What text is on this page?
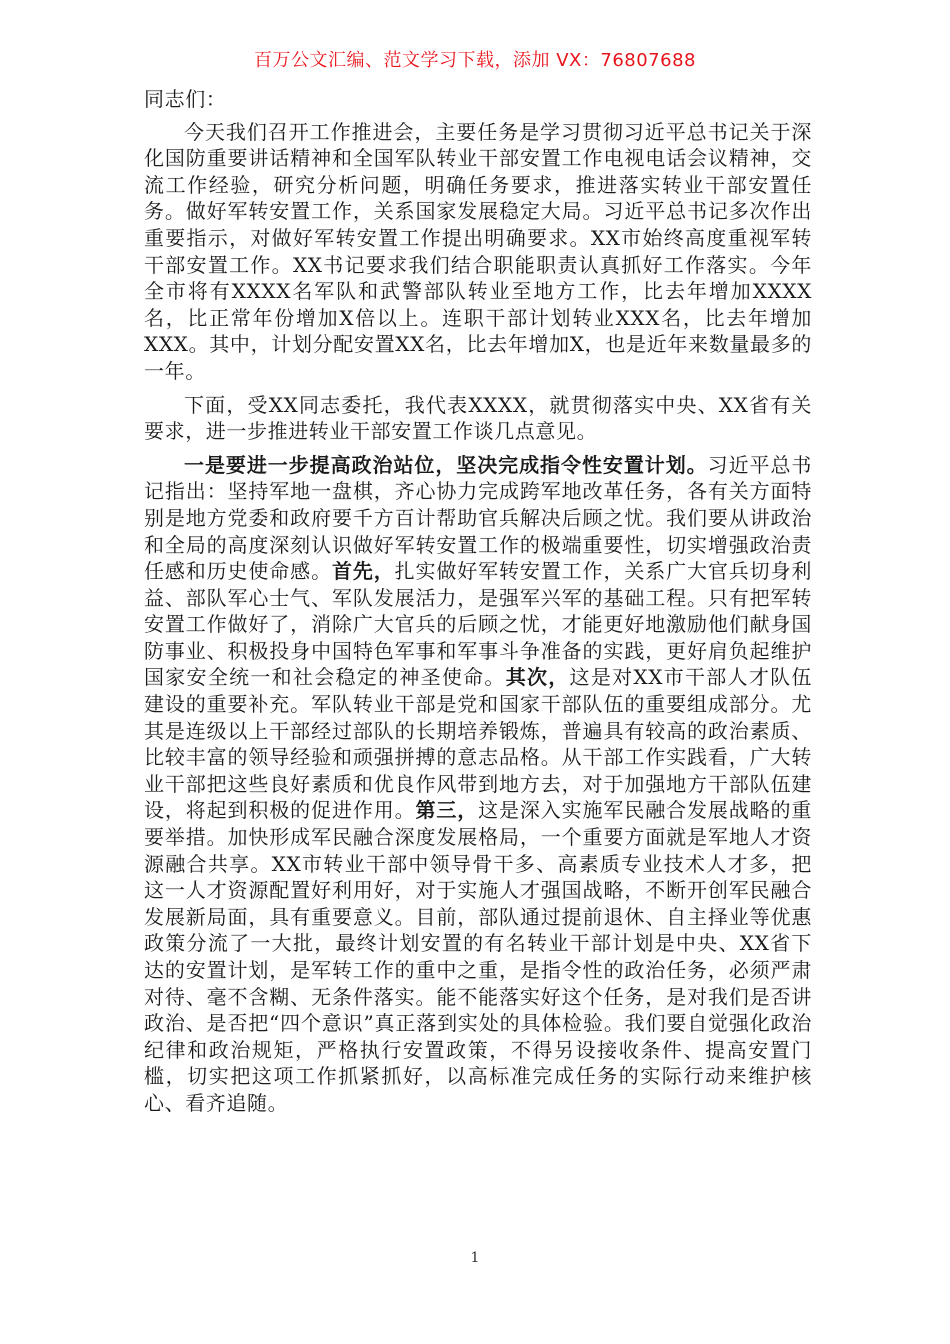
百万公文汇编、范文学习下载，添加 VX：76807688

同志们：

今天我们召开工作推进会，主要任务是学习贯彻习近平总书记关于深化国防重要讲话精神和全国军队转业干部安置工作电视电话会议精神，交流工作经验，研究分析问题，明确任务要求，推进落实转业干部安置任务。做好军转安置工作，关系国家发展稳定大局。习近平总书记多次作出重要指示，对做好军转安置工作提出明确要求。XX市始终高度重视军转干部安置工作。XX书记要求我们结合职能职责认真抓好工作落实。今年全市将有XXXX名军队和武警部队转业至地方工作，比去年增加XXXX名，比正常年份增加X倍以上。连职干部计划转业XXX名，比去年增加XXX。其中，计划分配安置XX名，比去年增加X，也是近年来数量最多的一年。

下面，受XX同志委托，我代表XXXX，就贯彻落实中央、XX省有关要求，进一步推进转业干部安置工作谈几点意见。

一是要进一步提高政治站位，坚决完成指令性安置计划。习近平总书记指出：坚持军地一盘棋，齐心协力完成跨军地改革任务，各有关方面特别是地方党委和政府要千方百计帮助官兵解决后顾之忧。我们要从讲政治和全局的高度深刻认识做好军转安置工作的极端重要性，切实增强政治责任感和历史使命感。首先，扎实做好军转安置工作，关系广大官兵切身利益、部队军心士气、军队发展活力，是强军兴军的基础工程。只有把军转安置工作做好了，消除广大官兵的后顾之忧，才能更好地激励他们献身国防事业、积极投身中国特色军事和军事斗争准备的实践，更好肩负起维护国家安全统一和社会稳定的神圣使命。其次，这是对XX市干部人才队伍建设的重要补充。军队转业干部是党和国家干部队伍的重要组成部分。尤其是连级以上干部经过部队的长期培养锻炼，普遍具有较高的政治素质、比较丰富的领导经验和顽强拼搏的意志品格。从干部工作实践看，广大转业干部把这些良好素质和优良作风带到地方去，对于加强地方干部队伍建设，将起到积极的促进作用。第三，这是深入实施军民融合发展战略的重要举措。加快形成军民融合深度发展格局，一个重要方面就是军地人才资源融合共享。XX市转业干部中领导骨干多、高素质专业技术人才多，把这一人才资源配置好利用好，对于实施人才强国战略，不断开创军民融合发展新局面，具有重要意义。目前，部队通过提前退休、自主择业等优惠政策分流了一大批，最终计划安置的有名转业干部计划是中央、XX省下达的安置计划，是军转工作的重中之重，是指令性的政治任务，必须严肃对待、毫不含糊、无条件落实。能不能落实好这个任务，是对我们是否讲政治、是否把“四个意识”真正落到实处的具体检验。我们要自觉强化政治纪律和政治规矩，严格执行安置政策，不得另设接收条件、提高安置门槛，切实把这项工作抓紧抓好，以高标准完成任务的实际行动来维护核心、看齐追随。

1
